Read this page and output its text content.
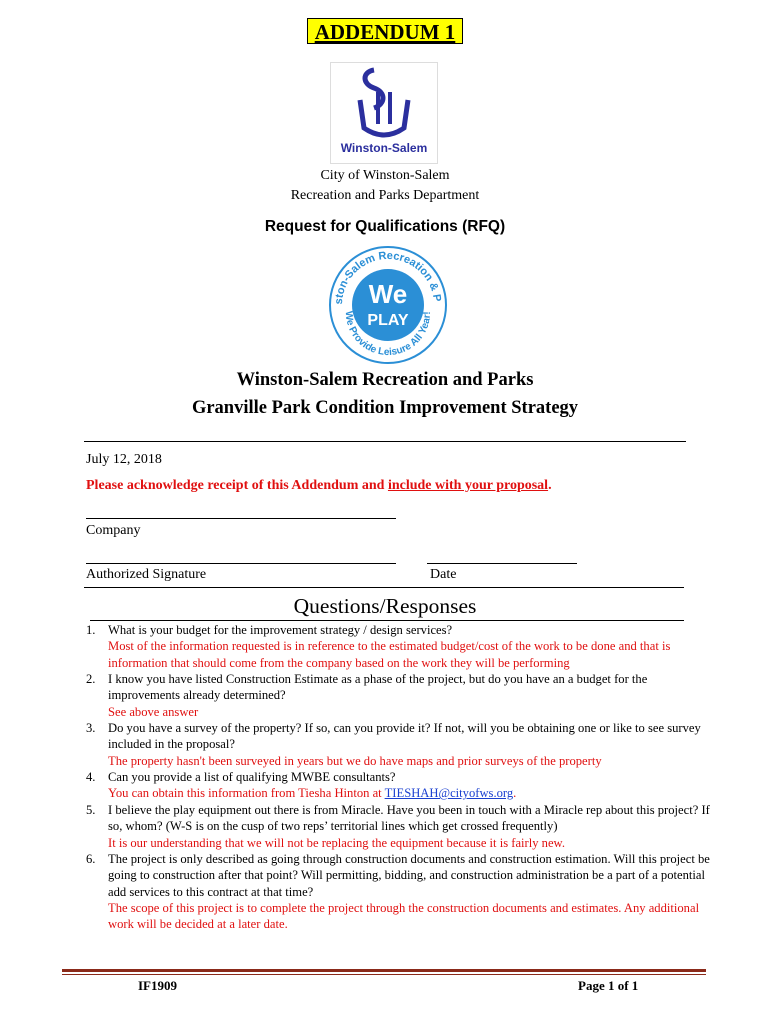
ADDENDUM 1
Winston-Salem
City of Winston-Salem
Recreation and Parks Department
Request for Qualifications (RFQ)
ston-Salem Recreation & P
We Provide Leisure All Year!
We
PLAY
Winston-Salem Recreation and Parks
Granville Park Condition Improvement Strategy
July 12, 2018
Please acknowledge receipt of this Addendum and include with your proposal.
Company
Authorized Signature	Date
Questions/Responses
1. What is your budget for the improvement strategy / design services?
Most of the information requested is in reference to the estimated budget/cost of the work to be done and that is information that should come from the company based on the work they will be performing
2. I know you have listed Construction Estimate as a phase of the project, but do you have an a budget for the improvements already determined?
See above answer
3. Do you have a survey of the property? If so, can you provide it? If not, will you be obtaining one or like to see survey included in the proposal?
The property hasn't been surveyed in years but we do have maps and prior surveys of the property
4. Can you provide a list of qualifying MWBE consultants?
You can obtain this information from Tiesha Hinton at TIESHAH@cityofws.org.
5. I believe the play equipment out there is from Miracle. Have you been in touch with a Miracle rep about this project? If so, whom? (W-S is on the cusp of two reps’ territorial lines which get crossed frequently)
It is our understanding that we will not be replacing the equipment because it is fairly new.
6. The project is only described as going through construction documents and construction estimation. Will this project be going to construction after that point? Will permitting, bidding, and construction administration be a part of a potential add services to this contract at that time?
The scope of this project is to complete the project through the construction documents and estimates. Any additional work will be decided at a later date.
IF1909	Page 1 of 1
